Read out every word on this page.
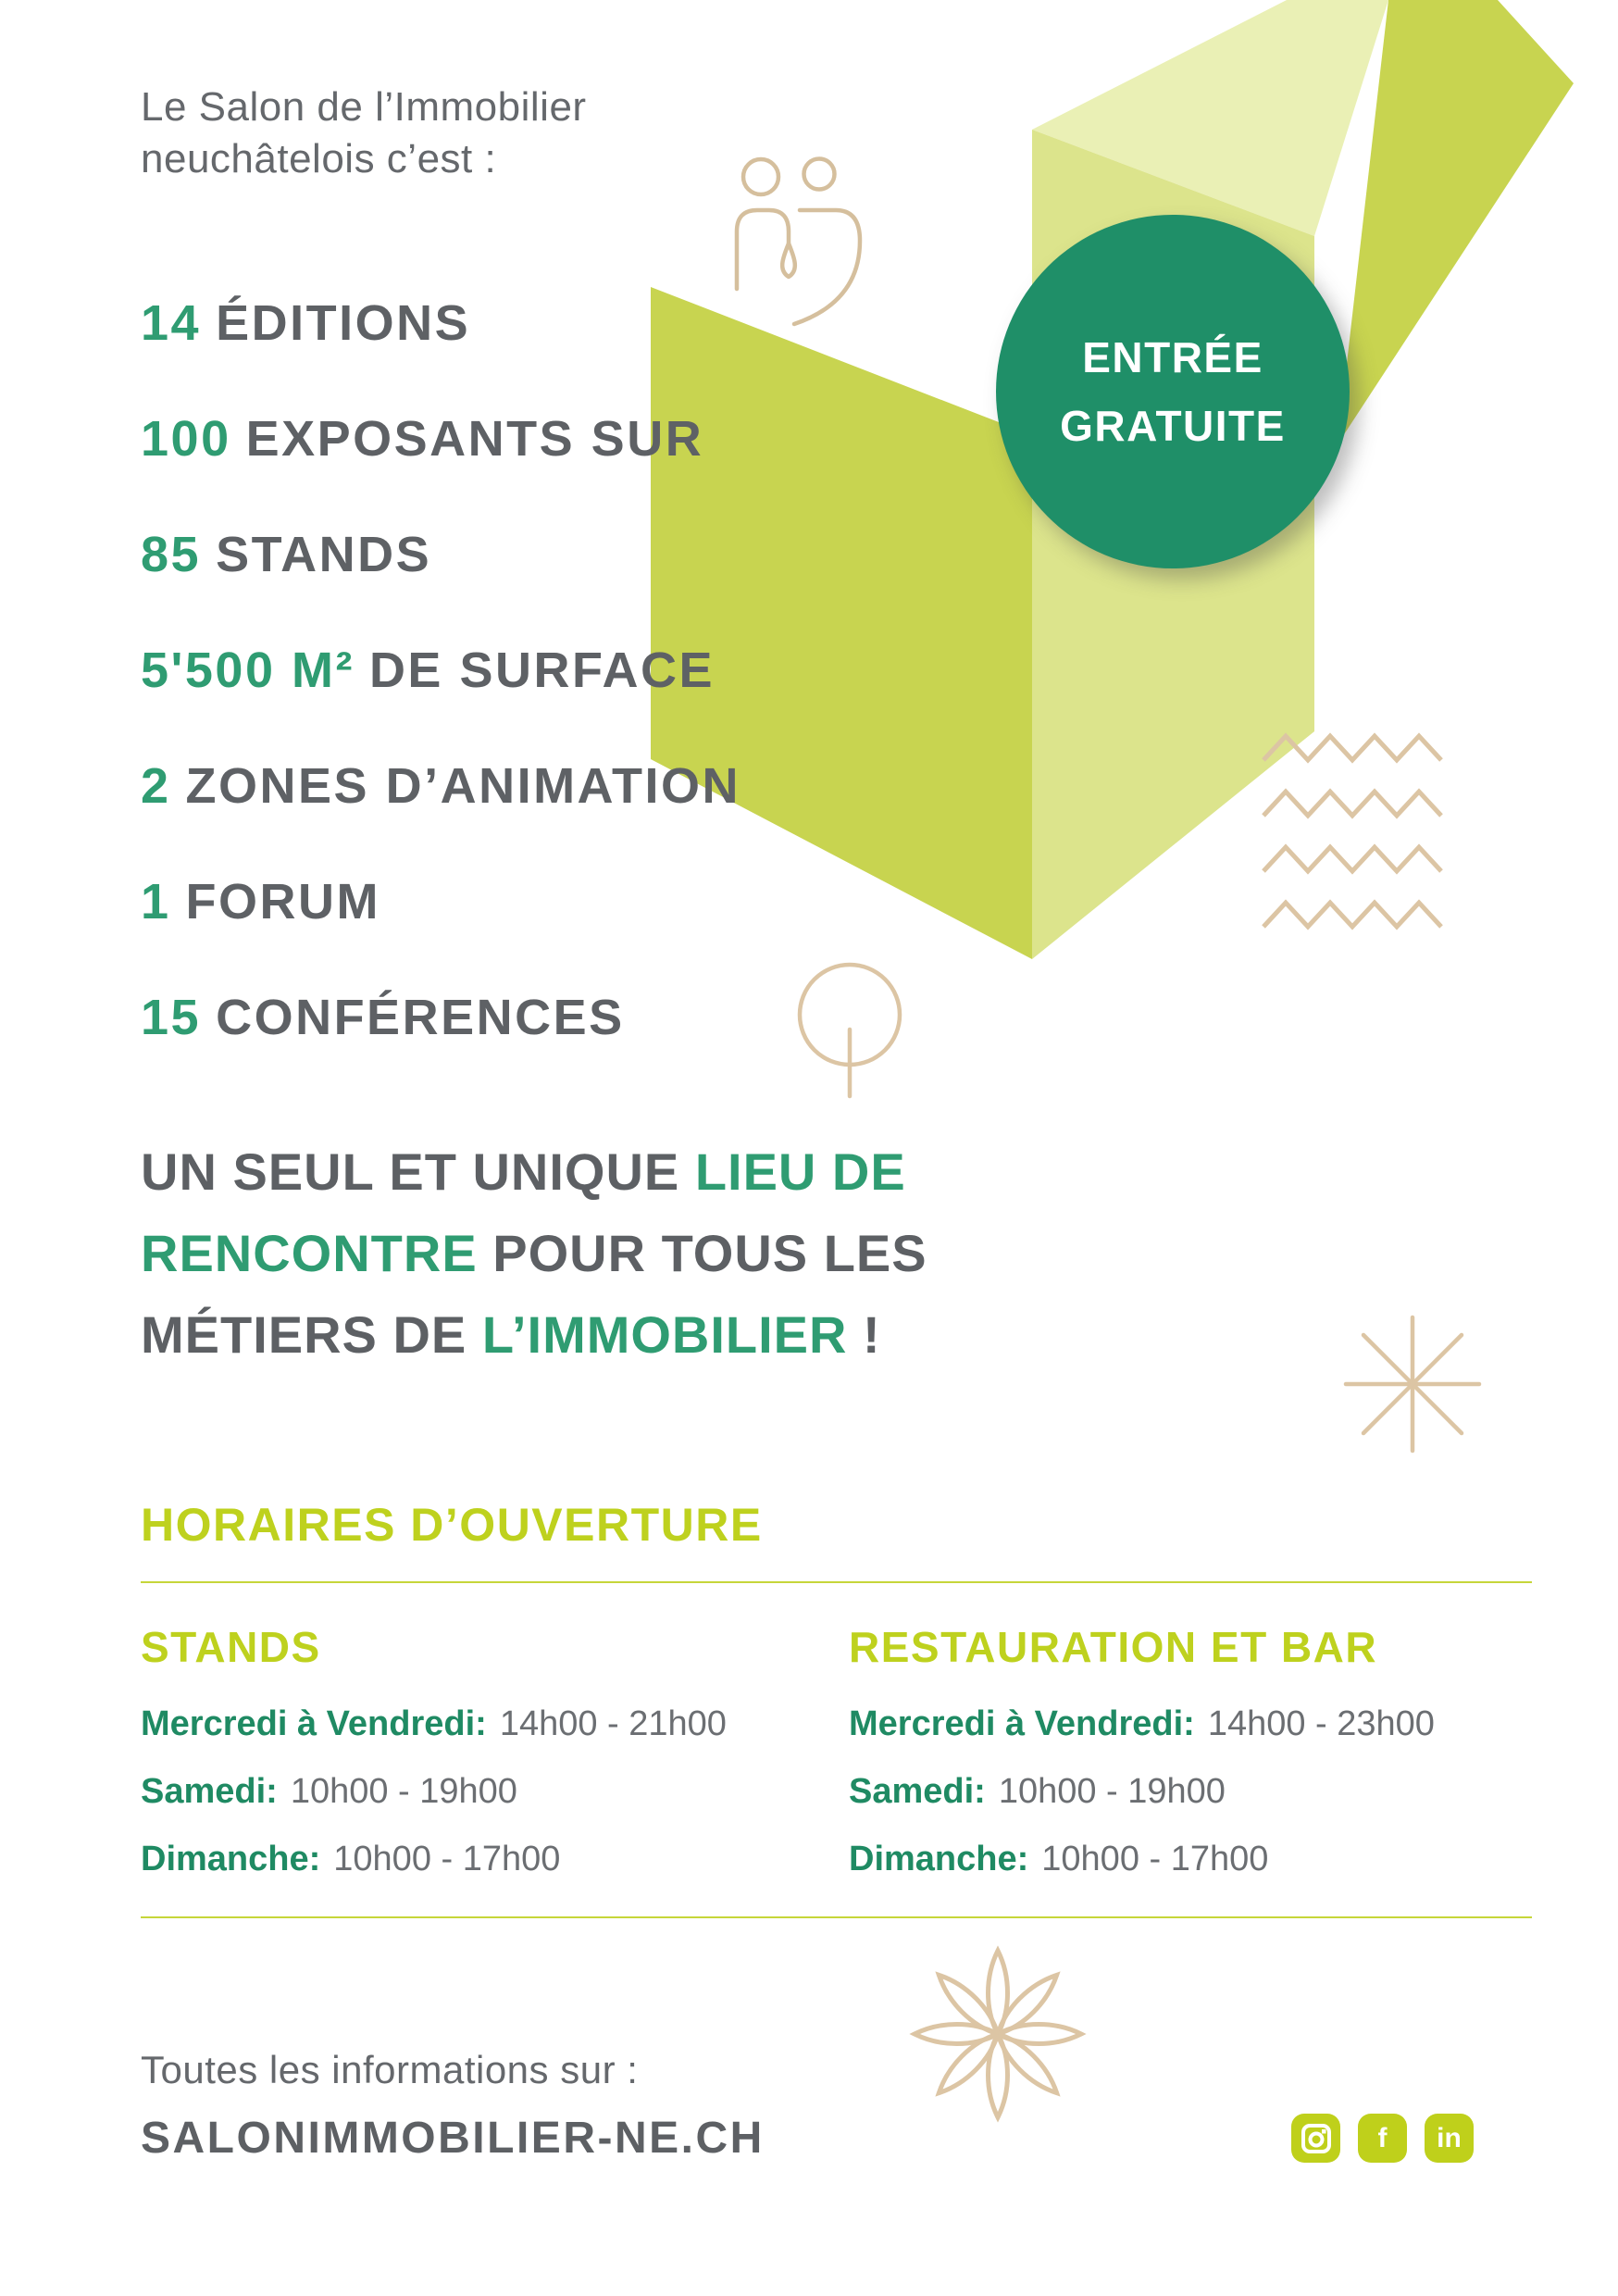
ENTRÉE
GRATUITE
Le Salon de l’Immobilier
neuchâtelois c’est :
14 ÉDITIONS
100 EXPOSANTS SUR
85 STANDS
5'500 M² DE SURFACE
2 ZONES D’ANIMATION
1 FORUM
15 CONFÉRENCES
UN SEUL ET UNIQUE LIEU DE
RENCONTRE POUR TOUS LES
MÉTIERS DE L’IMMOBILIER !
HORAIRES D’OUVERTURE
STANDS
Mercredi à Vendredi: 14h00 - 21h00
Samedi: 10h00 - 19h00
Dimanche: 10h00 - 17h00
RESTAURATION ET BAR
Mercredi à Vendredi: 14h00 - 23h00
Samedi: 10h00 - 19h00
Dimanche: 10h00 - 17h00
Toutes les informations sur :
SALONIMMOBILIER-NE.CH	f in
